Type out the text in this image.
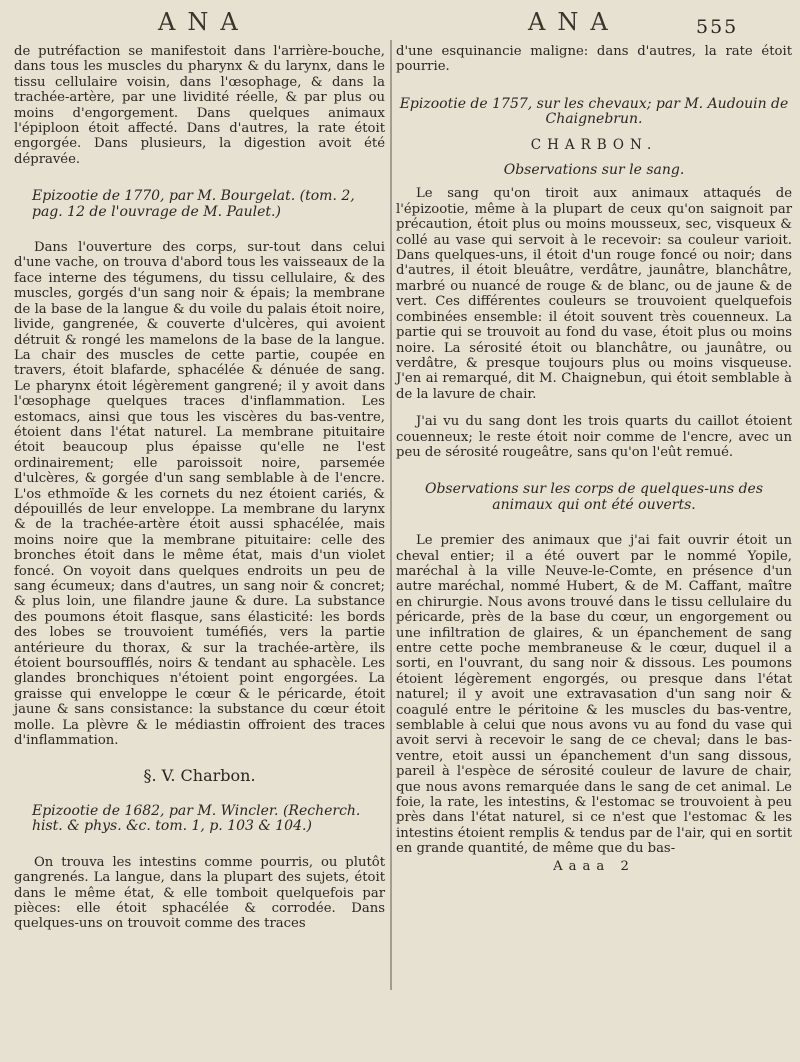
ANA	ANA	555

de putréfaction se manifestoit dans l'arrière-bouche, dans tous les muscles du pharynx & du larynx, dans le tissu cellulaire voisin, dans l'œsophage, & dans la trachée-artère, par une lividité réelle, & par plus ou moins d'engorgement. Dans quelques animaux l'épiploon étoit affecté. Dans d'autres, la rate étoit engorgée. Dans plusieurs, la digestion avoit été dépravée.

Epizootie de 1770, par M. Bourgelat. (tom. 2, pag. 12 de l'ouvrage de M. Paulet.)

Dans l'ouverture des corps, sur-tout dans celui d'une vache, on trouva d'abord tous les vaisseaux de la face interne des tégumens, du tissu cellulaire, & des muscles, gorgés d'un sang noir & épais; la membrane de la base de la langue & du voile du palais étoit noire, livide, gangrenée, & couverte d'ulcères, qui avoient détruit & rongé les mamelons de la base de la langue. La chair des muscles de cette partie, coupée en travers, étoit blafarde, sphacélée & dénuée de sang. Le pharynx étoit légèrement gangrené; il y avoit dans l'œsophage quelques traces d'inflammation. Les estomacs, ainsi que tous les viscères du bas-ventre, étoient dans l'état naturel. La membrane pituitaire étoit beaucoup plus épaisse qu'elle ne l'est ordinairement; elle paroissoit noire, parsemée d'ulcères, & gorgée d'un sang semblable à de l'encre. L'os ethmoïde & les cornets du nez étoient cariés, & dépouillés de leur enveloppe. La membrane du larynx & de la trachée-artère étoit aussi sphacélée, mais moins noire que la membrane pituitaire: celle des bronches étoit dans le même état, mais d'un violet foncé. On voyoit dans quelques endroits un peu de sang écumeux; dans d'autres, un sang noir & concret; & plus loin, une filandre jaune & dure. La substance des poumons étoit flasque, sans élasticité: les bords des lobes se trouvoient tuméfiés, vers la partie antérieure du thorax, & sur la trachée-artère, ils étoient boursoufflés, noirs & tendant au sphacèle. Les glandes bronchiques n'étoient point engorgées. La graisse qui enveloppe le cœur & le péricarde, étoit jaune & sans consistance: la substance du cœur étoit molle. La plèvre & le médiastin offroient des traces d'inflammation.

§. V. Charbon.

Epizootie de 1682, par M. Wincler. (Recherch. hist. & phys. &c. tom. 1, p. 103 & 104.)

On trouva les intestins comme pourris, ou plutôt gangrenés. La langue, dans la plupart des sujets, étoit dans le même état, & elle tomboit quelquefois par pièces: elle étoit sphacélée & corrodée. Dans quelques-uns on trouvoit comme des traces

d'une esquinancie maligne: dans d'autres, la rate étoit pourrie.

Epizootie de 1757, sur les chevaux; par M. Audouin de Chaignebrun.

CHARBON.

Observations sur le sang.

Le sang qu'on tiroit aux animaux attaqués de l'épizootie, même à la plupart de ceux qu'on saignoit par précaution, étoit plus ou moins mousseux, sec, visqueux & collé au vase qui servoit à le recevoir: sa couleur varioit. Dans quelques-uns, il étoit d'un rouge foncé ou noir; dans d'autres, il étoit bleuâtre, verdâtre, jaunâtre, blanchâtre, marbré ou nuancé de rouge & de blanc, ou de jaune & de vert. Ces différentes couleurs se trouvoient quelquefois combinées ensemble: il étoit souvent très couenneux. La partie qui se trouvoit au fond du vase, étoit plus ou moins noire. La sérosité étoit ou blanchâtre, ou jaunâtre, ou verdâtre, & presque toujours plus ou moins visqueuse. J'en ai remarqué, dit M. Chaignebun, qui étoit semblable à de la lavure de chair.

J'ai vu du sang dont les trois quarts du caillot étoient couenneux; le reste étoit noir comme de l'encre, avec un peu de sérosité rougeâtre, sans qu'on l'eût remué.

Observations sur les corps de quelques-uns des animaux qui ont été ouverts.

Le premier des animaux que j'ai fait ouvrir étoit un cheval entier; il a été ouvert par le nommé Yopile, maréchal à la ville Neuve-le-Comte, en présence d'un autre maréchal, nommé Hubert, & de M. Caffant, maître en chirurgie. Nous avons trouvé dans le tissu cellulaire du péricarde, près de la base du cœur, un engorgement ou une infiltration de glaires, & un épanchement de sang entre cette poche membraneuse & le cœur, duquel il a sorti, en l'ouvrant, du sang noir & dissous. Les poumons étoient légèrement engorgés, ou presque dans l'état naturel; il y avoit une extravasation d'un sang noir & coagulé entre le péritoine & les muscles du bas-ventre, semblable à celui que nous avons vu au fond du vase qui avoit servi à recevoir le sang de ce cheval; dans le bas-ventre, etoit aussi un épanchement d'un sang dissous, pareil à l'espèce de sérosité couleur de lavure de chair, que nous avons remarquée dans le sang de cet animal. Le foie, la rate, les intestins, & l'estomac se trouvoient à peu près dans l'état naturel, si ce n'est que l'estomac & les intestins étoient remplis & tendus par de l'air, qui en sortit en grande quantité, de même que du bas-

Aaaa 2
